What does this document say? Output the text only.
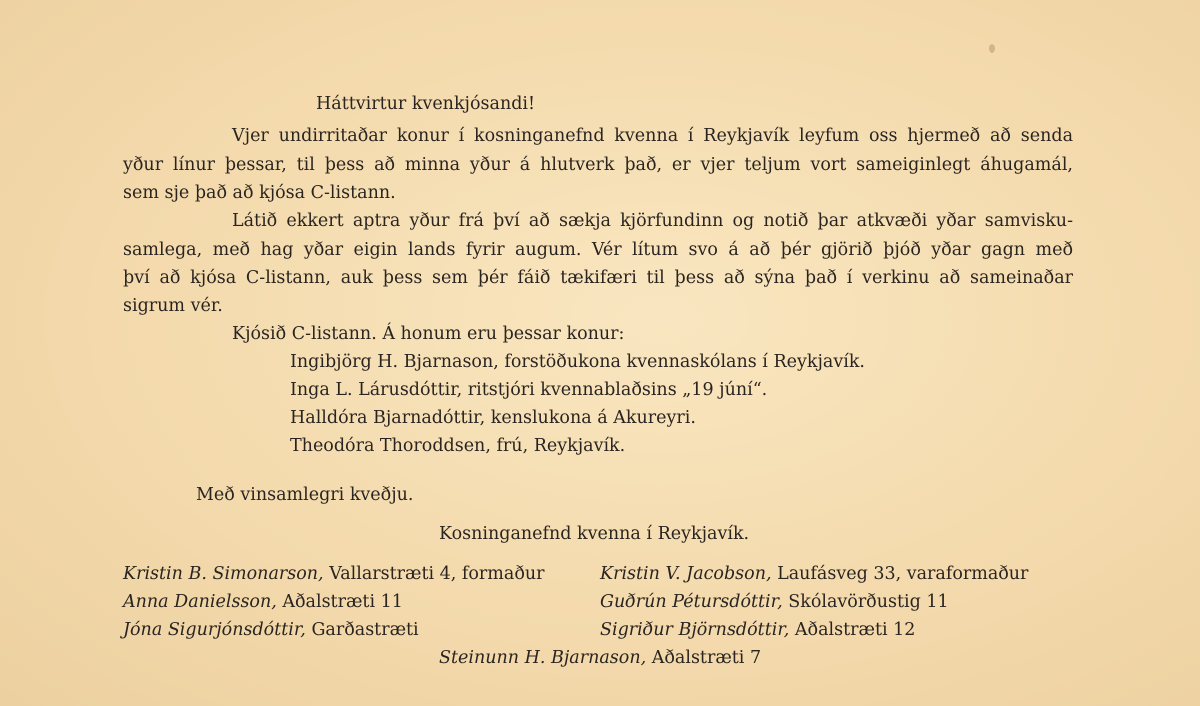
Háttvirtur kvenkjósandi!
Vjer undirritaðar konur í kosninganefnd kvenna í Reykjavík leyfum oss hjermeð að senda
yður línur þessar, til þess að minna yður á hlutverk það, er vjer teljum vort sameiginlegt áhugamál,
sem sje það að kjósa C-listann.
Látið ekkert aptra yður frá því að sækja kjörfundinn og notið þar atkvæði yðar samvisku-
samlega, með hag yðar eigin lands fyrir augum. Vér lítum svo á að þér gjörið þjóð yðar gagn með
því að kjósa C-listann, auk þess sem þér fáið tækifæri til þess að sýna það í verkinu að sameinaðar
sigrum vér.
Kjósið C-listann. Á honum eru þessar konur:
Ingibjörg H. Bjarnason, forstöðukona kvennaskólans í Reykjavík.
Inga L. Lárusdóttir, ritstjóri kvennablaðsins „19 júní“.
Halldóra Bjarnadóttir, kenslukona á Akureyri.
Theodóra Thoroddsen, frú, Reykjavík.
Með vinsamlegri kveðju.
Kosninganefnd kvenna í Reykjavík.
Kristin B. Simonarson, Vallarstræti 4, formaður	Kristin V. Jacobson, Laufásveg 33, varaformaður
Anna Danielsson, Aðalstræti 11	Guðrún Pétursdóttir, Skólavörðustig 11
Jóna Sigurjónsdóttir, Garðastræti	Sigriður Björnsdóttir, Aðalstræti 12
Steinunn H. Bjarnason, Aðalstræti 7
